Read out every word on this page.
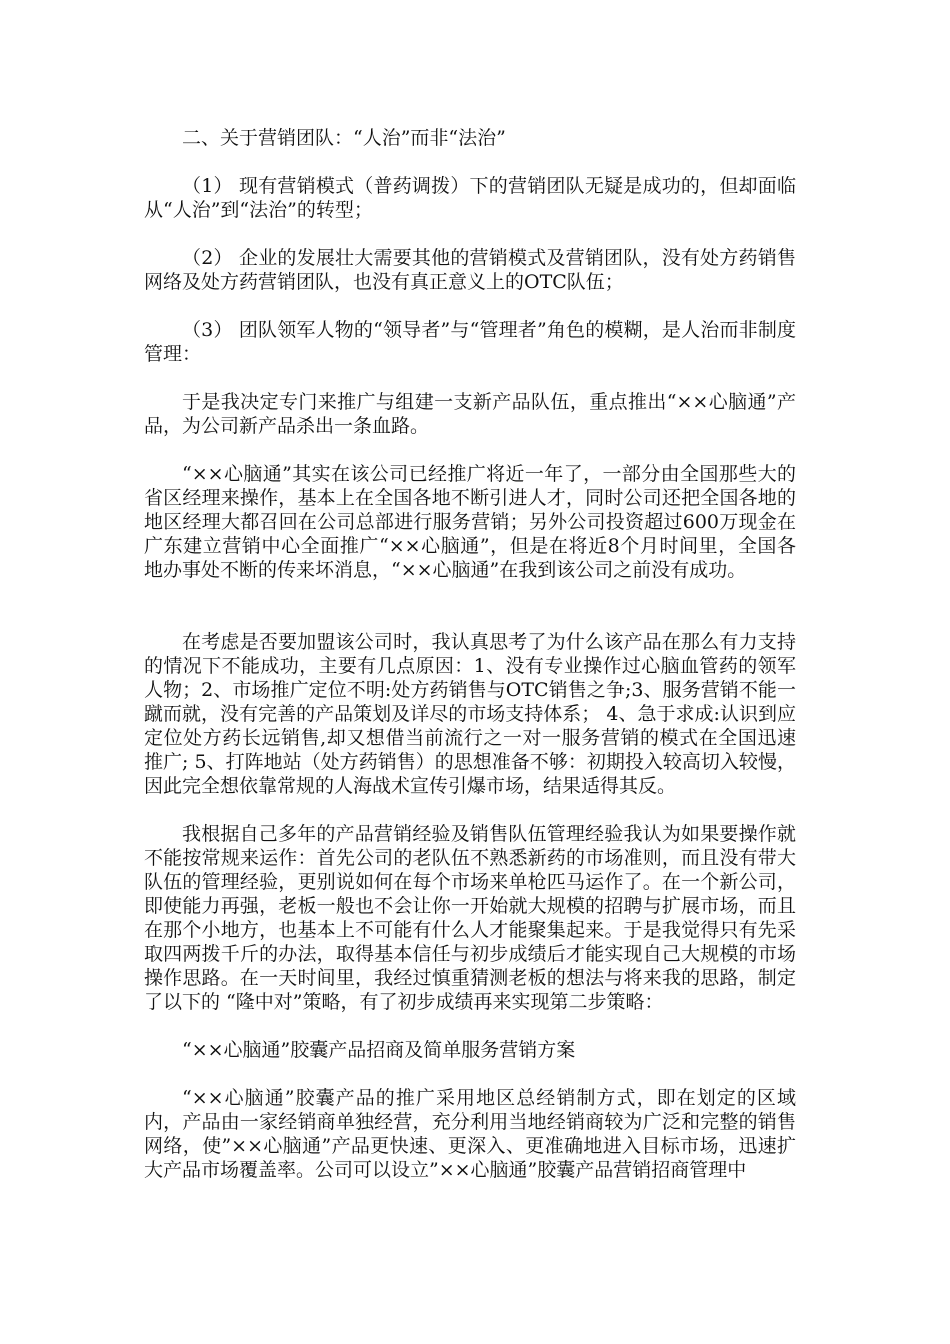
二、关于营销团队：“人治”而非“法治”

（1） 现有营销模式（普药调拨）下的营销团队无疑是成功的，但却面临从“人治”到“法治”的转型；

（2） 企业的发展壮大需要其他的营销模式及营销团队，没有处方药销售网络及处方药营销团队，也没有真正意义上的OTC队伍；

（3） 团队领军人物的“领导者”与“管理者”角色的模糊，是人治而非制度管理：

于是我决定专门来推广与组建一支新产品队伍，重点推出“××心脑通”产品，为公司新产品杀出一条血路。

“××心脑通”其实在该公司已经推广将近一年了，一部分由全国那些大的省区经理来操作，基本上在全国各地不断引进人才，同时公司还把全国各地的地区经理大都召回在公司总部进行服务营销；另外公司投资超过600万现金在广东建立营销中心全面推广“××心脑通”，但是在将近8个月时间里，全国各地办事处不断的传来坏消息，“××心脑通”在我到该公司之前没有成功。

在考虑是否要加盟该公司时，我认真思考了为什么该产品在那么有力支持的情况下不能成功，主要有几点原因：1、没有专业操作过心脑血管药的领军人物；2、市场推广定位不明:处方药销售与OTC销售之争;3、服务营销不能一蹴而就，没有完善的产品策划及详尽的市场支持体系； 4、急于求成:认识到应定位处方药长远销售,却又想借当前流行之一对一服务营销的模式在全国迅速推广; 5、打阵地站（处方药销售）的思想准备不够：初期投入较高切入较慢，因此完全想依靠常规的人海战术宣传引爆市场，结果适得其反。

我根据自己多年的产品营销经验及销售队伍管理经验我认为如果要操作就不能按常规来运作：首先公司的老队伍不熟悉新药的市场准则，而且没有带大队伍的管理经验，更别说如何在每个市场来单枪匹马运作了。在一个新公司，即使能力再强，老板一般也不会让你一开始就大规模的招聘与扩展市场，而且在那个小地方，也基本上不可能有什么人才能聚集起来。于是我觉得只有先采取四两拨千斤的办法，取得基本信任与初步成绩后才能实现自己大规模的市场操作思路。在一天时间里，我经过慎重猜测老板的想法与将来我的思路，制定了以下的 “隆中对”策略，有了初步成绩再来实现第二步策略：

“××心脑通”胶囊产品招商及简单服务营销方案

“××心脑通”胶囊产品的推广采用地区总经销制方式，即在划定的区域内，产品由一家经销商单独经营，充分利用当地经销商较为广泛和完整的销售网络，使”××心脑通”产品更快速、更深入、更准确地进入目标市场，迅速扩大产品市场覆盖率。公司可以设立”××心脑通”胶囊产品营销招商管理中
